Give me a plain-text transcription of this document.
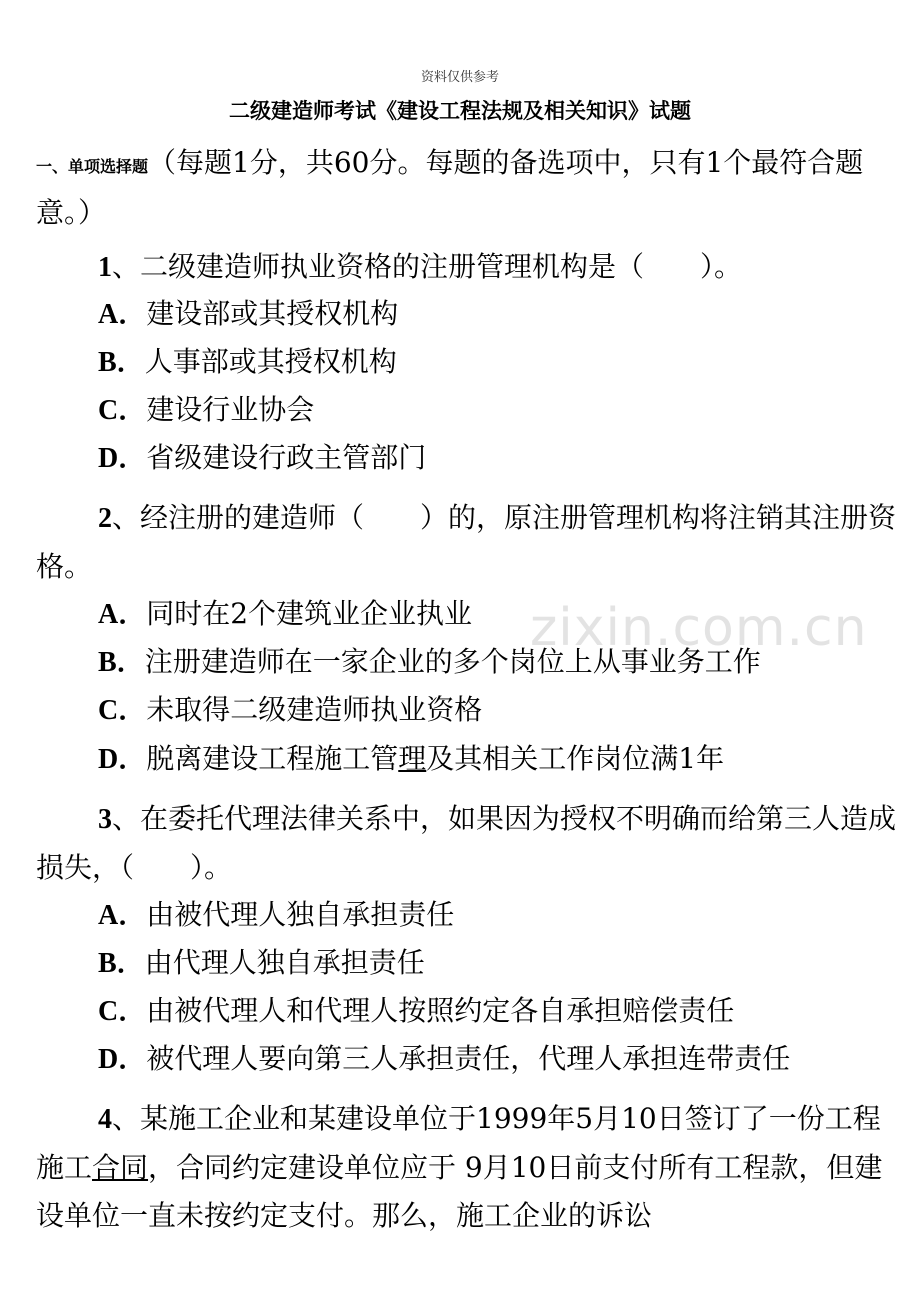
资料仅供参考
二级建造师考试《建设工程法规及相关知识》试题
zixin.com.cn
一、单项选择题（每题1分，共60分。每题的备选项中，只有1个最符合题意。）
1、二级建造师执业资格的注册管理机构是（　　）。
A．建设部或其授权机构
B．人事部或其授权机构
C．建设行业协会
D．省级建设行政主管部门
2、经注册的建造师（　　）的，原注册管理机构将注销其注册资格。
A．同时在2个建筑业企业执业
B．注册建造师在一家企业的多个岗位上从事业务工作
C．未取得二级建造师执业资格
D．脱离建设工程施工管理及其相关工作岗位满1年
3、在委托代理法律关系中，如果因为授权不明确而给第三人造成损失，（　　）。
A．由被代理人独自承担责任
B．由代理人独自承担责任
C．由被代理人和代理人按照约定各自承担赔偿责任
D．被代理人要向第三人承担责任，代理人承担连带责任
4、某施工企业和某建设单位于1999年5月10日签订了一份工程施工合同，合同约定建设单位应于 9月10日前支付所有工程款，但建设单位一直未按约定支付。那么，施工企业的诉讼
